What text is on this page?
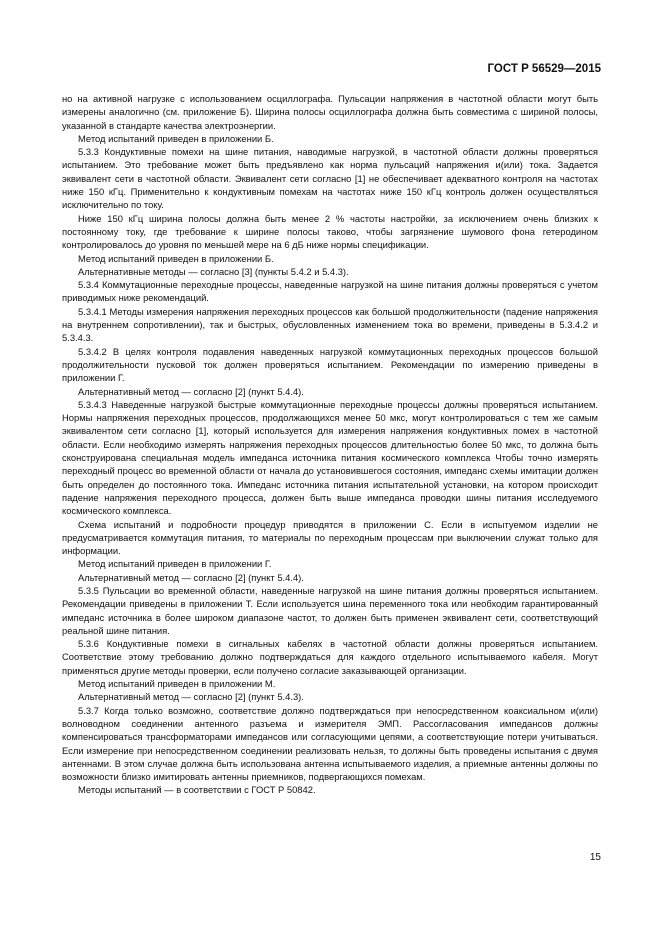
ГОСТ Р 56529—2015

но на активной нагрузке с использованием осциллографа. Пульсации напряжения в частотной области могут быть измерены аналогично (см. приложение Б). Ширина полосы осциллографа должна быть совместима с шириной полосы, указанной в стандарте качества электроэнергии.

Метод испытаний приведен в приложении Б.

5.3.3 Кондуктивные помехи на шине питания, наводимые нагрузкой, в частотной области должны проверяться испытанием. Это требование может быть предъявлено как норма пульсаций напряжения и(или) тока. Задается эквивалент сети в частотной области. Эквивалент сети согласно [1] не обеспечивает адекватного контроля на частотах ниже 150 кГц. Применительно к кондуктивным помехам на частотах ниже 150 кГц контроль должен осуществляться исключительно по току.

Ниже 150 кГц ширина полосы должна быть менее 2 % частоты настройки, за исключением очень близких к постоянному току, где требование к ширине полосы таково, чтобы загрязнение шумового фона гетеродином контролировалось до уровня по меньшей мере на 6 дБ ниже нормы спецификации.

Метод испытаний приведен в приложении Б.

Альтернативные методы — согласно [3] (пункты 5.4.2 и 5.4.3).

5.3.4 Коммутационные переходные процессы, наведенные нагрузкой на шине питания должны проверяться с учетом приводимых ниже рекомендаций.

5.3.4.1 Методы измерения напряжения переходных процессов как большой продолжительности (падение напряжения на внутреннем сопротивлении), так и быстрых, обусловленных изменением тока во времени, приведены в 5.3.4.2 и 5.3.4.3.

5.3.4.2 В целях контроля подавления наведенных нагрузкой коммутационных переходных процессов большой продолжительности пусковой ток должен проверяться испытанием. Рекомендации по измерению приведены в приложении Г.

Альтернативный метод — согласно [2] (пункт 5.4.4).

5.3.4.3 Наведенные нагрузкой быстрые коммутационные переходные процессы должны проверяться испытанием. Нормы напряжения переходных процессов, продолжающихся менее 50 мкс, могут контролироваться с тем же самым эквивалентом сети согласно [1], который используется для измерения напряжения кондуктивных помех в частотной области. Если необходимо измерять напряжения переходных процессов длительностью более 50 мкс, то должна быть сконструирована специальная модель импеданса источника питания космического комплекса Чтобы точно измерять переходный процесс во временной области от начала до установившегося состояния, импеданс схемы имитации должен быть определен до постоянного тока. Импеданс источника питания испытательной установки, на котором происходит падение напряжения переходного процесса, должен быть выше импеданса проводки шины питания исследуемого космического комплекса.

Схема испытаний и подробности процедур приводятся в приложении С. Если в испытуемом изделии не предусматривается коммутация питания, то материалы по переходным процессам при выключении служат только для информации.

Метод испытаний приведен в приложении Г.

Альтернативный метод — согласно [2] (пункт 5.4.4).

5.3.5 Пульсации во временной области, наведенные нагрузкой на шине питания должны проверяться испытанием. Рекомендации приведены в приложении Т. Если используется шина переменного тока или необходим гарантированный импеданс источника в более широком диапазоне частот, то должен быть применен эквивалент сети, соответствующий реальной шине питания.

5.3.6 Кондуктивные помехи в сигнальных кабелях в частотной области должны проверяться испытанием. Соответствие этому требованию должно подтверждаться для каждого отдельного испытываемого кабеля. Могут применяться другие методы проверки, если получено согласие заказывающей организации.

Метод испытаний приведен в приложении М.

Альтернативный метод — согласно [2] (пункт 5.4.3).

5.3.7 Когда только возможно, соответствие должно подтверждаться при непосредственном коаксиальном и(или) волноводном соединении антенного разъема и измерителя ЭМП. Рассогласования импедансов должны компенсироваться трансформаторами импедансов или согласующими цепями, а соответствующие потери учитываться. Если измерение при непосредственном соединении реализовать нельзя, то должны быть проведены испытания с двумя антеннами. В этом случае должна быть использована антенна испытываемого изделия, а приемные антенны должны по возможности близко имитировать антенны приемников, подвергающихся помехам.

Методы испытаний — в соответствии с ГОСТ Р 50842.

15
